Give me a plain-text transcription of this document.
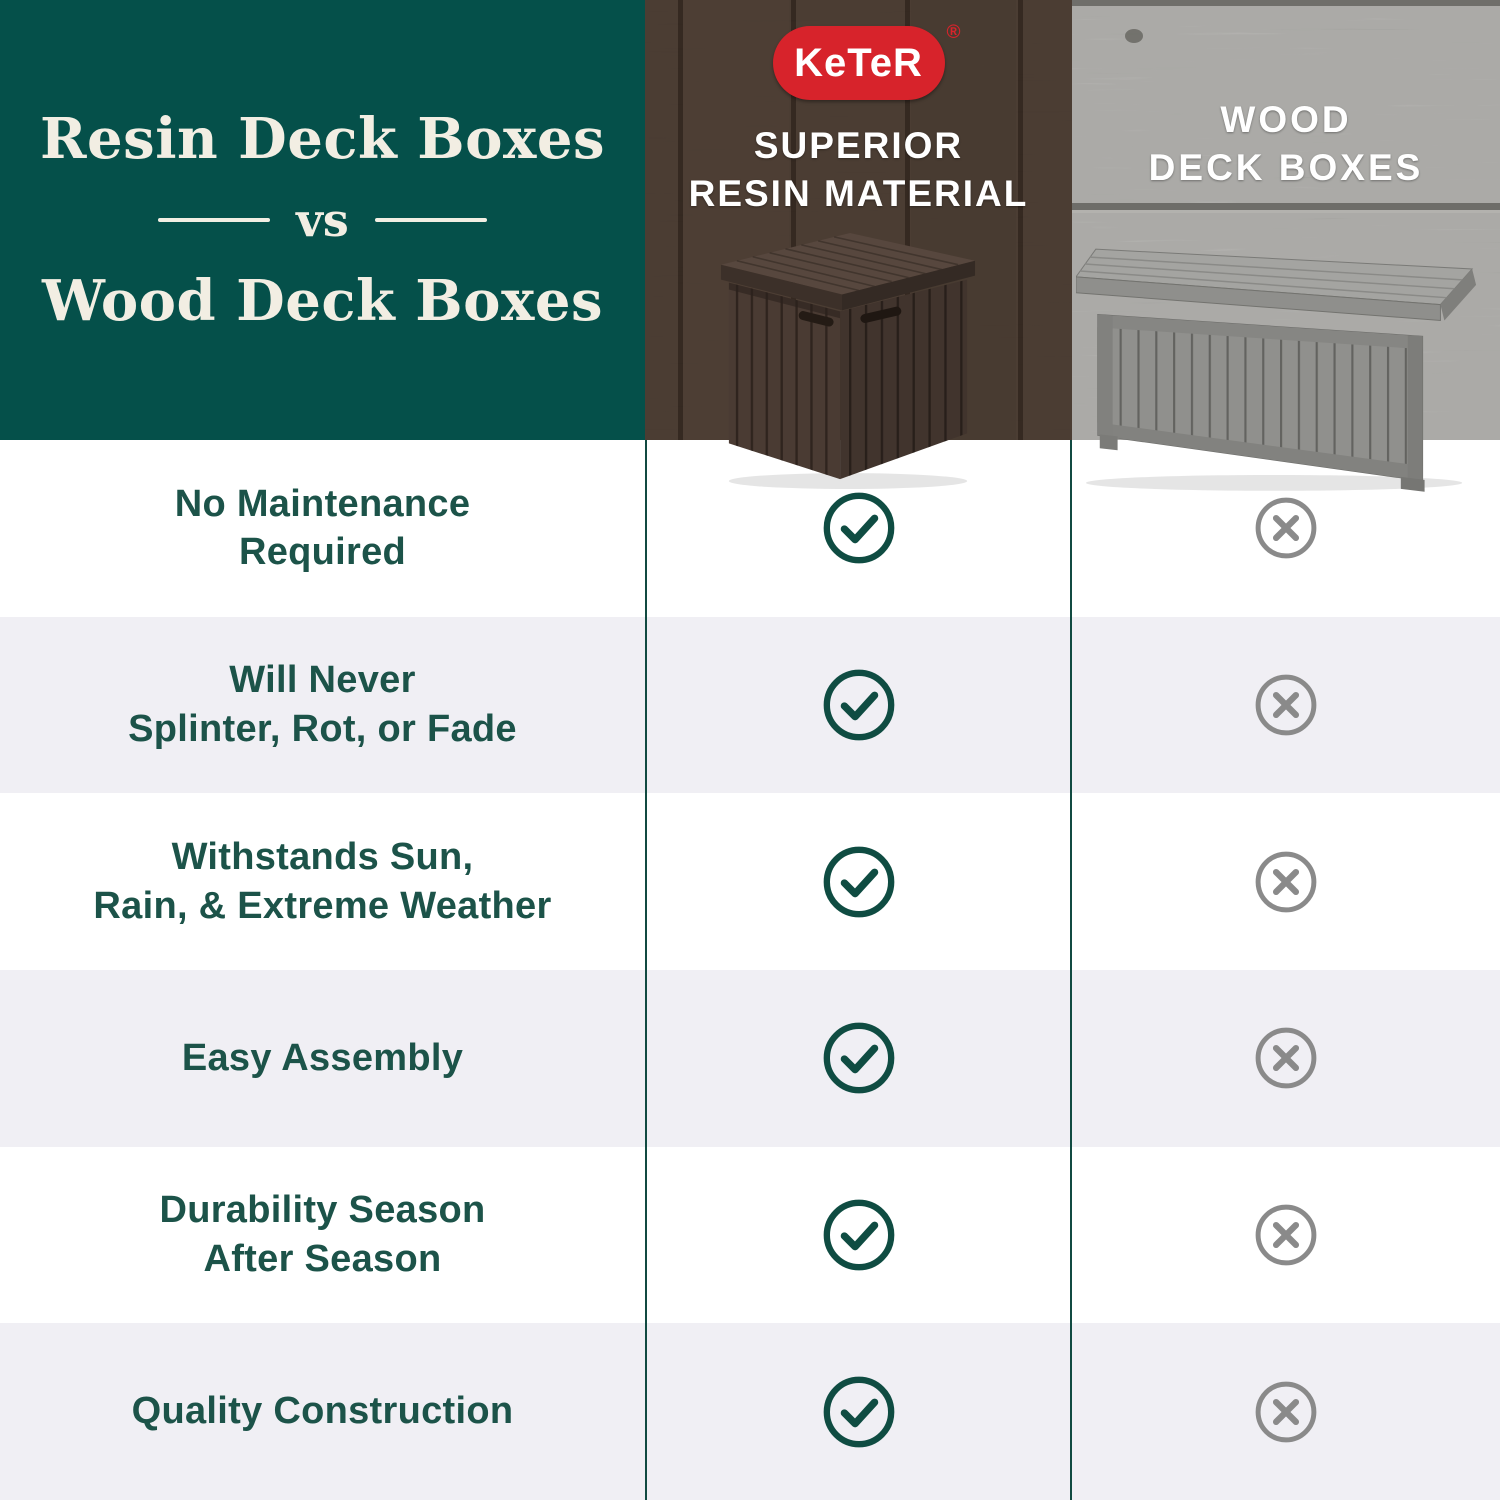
Resin Deck Boxes
vs
Wood Deck Boxes
KeTeR
®
SUPERIOR
RESIN MATERIAL
WOOD
DECK BOXES
No Maintenance
Required
Will Never
Splinter, Rot, or Fade
Withstands Sun,
Rain, & Extreme Weather
Easy Assembly
Durability Season
After Season
Quality Construction
